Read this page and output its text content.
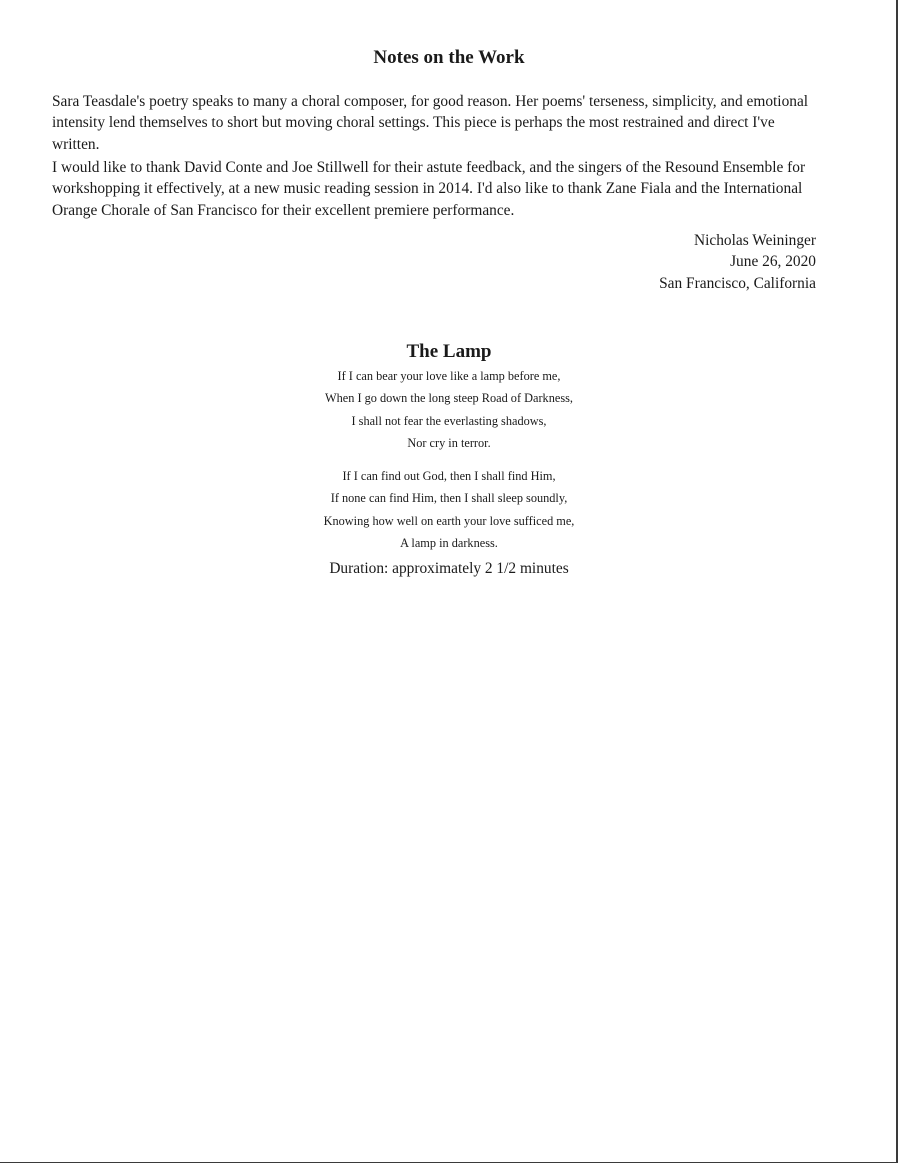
Notes on the Work

Sara Teasdale's poetry speaks to many a choral composer, for good reason. Her poems' terseness, simplicity, and emotional intensity lend themselves to short but moving choral settings. This piece is perhaps the most restrained and direct I've written.

I would like to thank David Conte and Joe Stillwell for their astute feedback, and the singers of the Resound Ensemble for workshopping it effectively, at a new music reading session in 2014. I'd also like to thank Zane Fiala and the International Orange Chorale of San Francisco for their excellent premiere performance.

Nicholas Weininger
June 26, 2020
San Francisco, California
The Lamp
If I can bear your love like a lamp before me,
When I go down the long steep Road of Darkness,
I shall not fear the everlasting shadows,
Nor cry in terror.
If I can find out God, then I shall find Him,
If none can find Him, then I shall sleep soundly,
Knowing how well on earth your love sufficed me,
A lamp in darkness.
Duration: approximately 2 1/2 minutes
